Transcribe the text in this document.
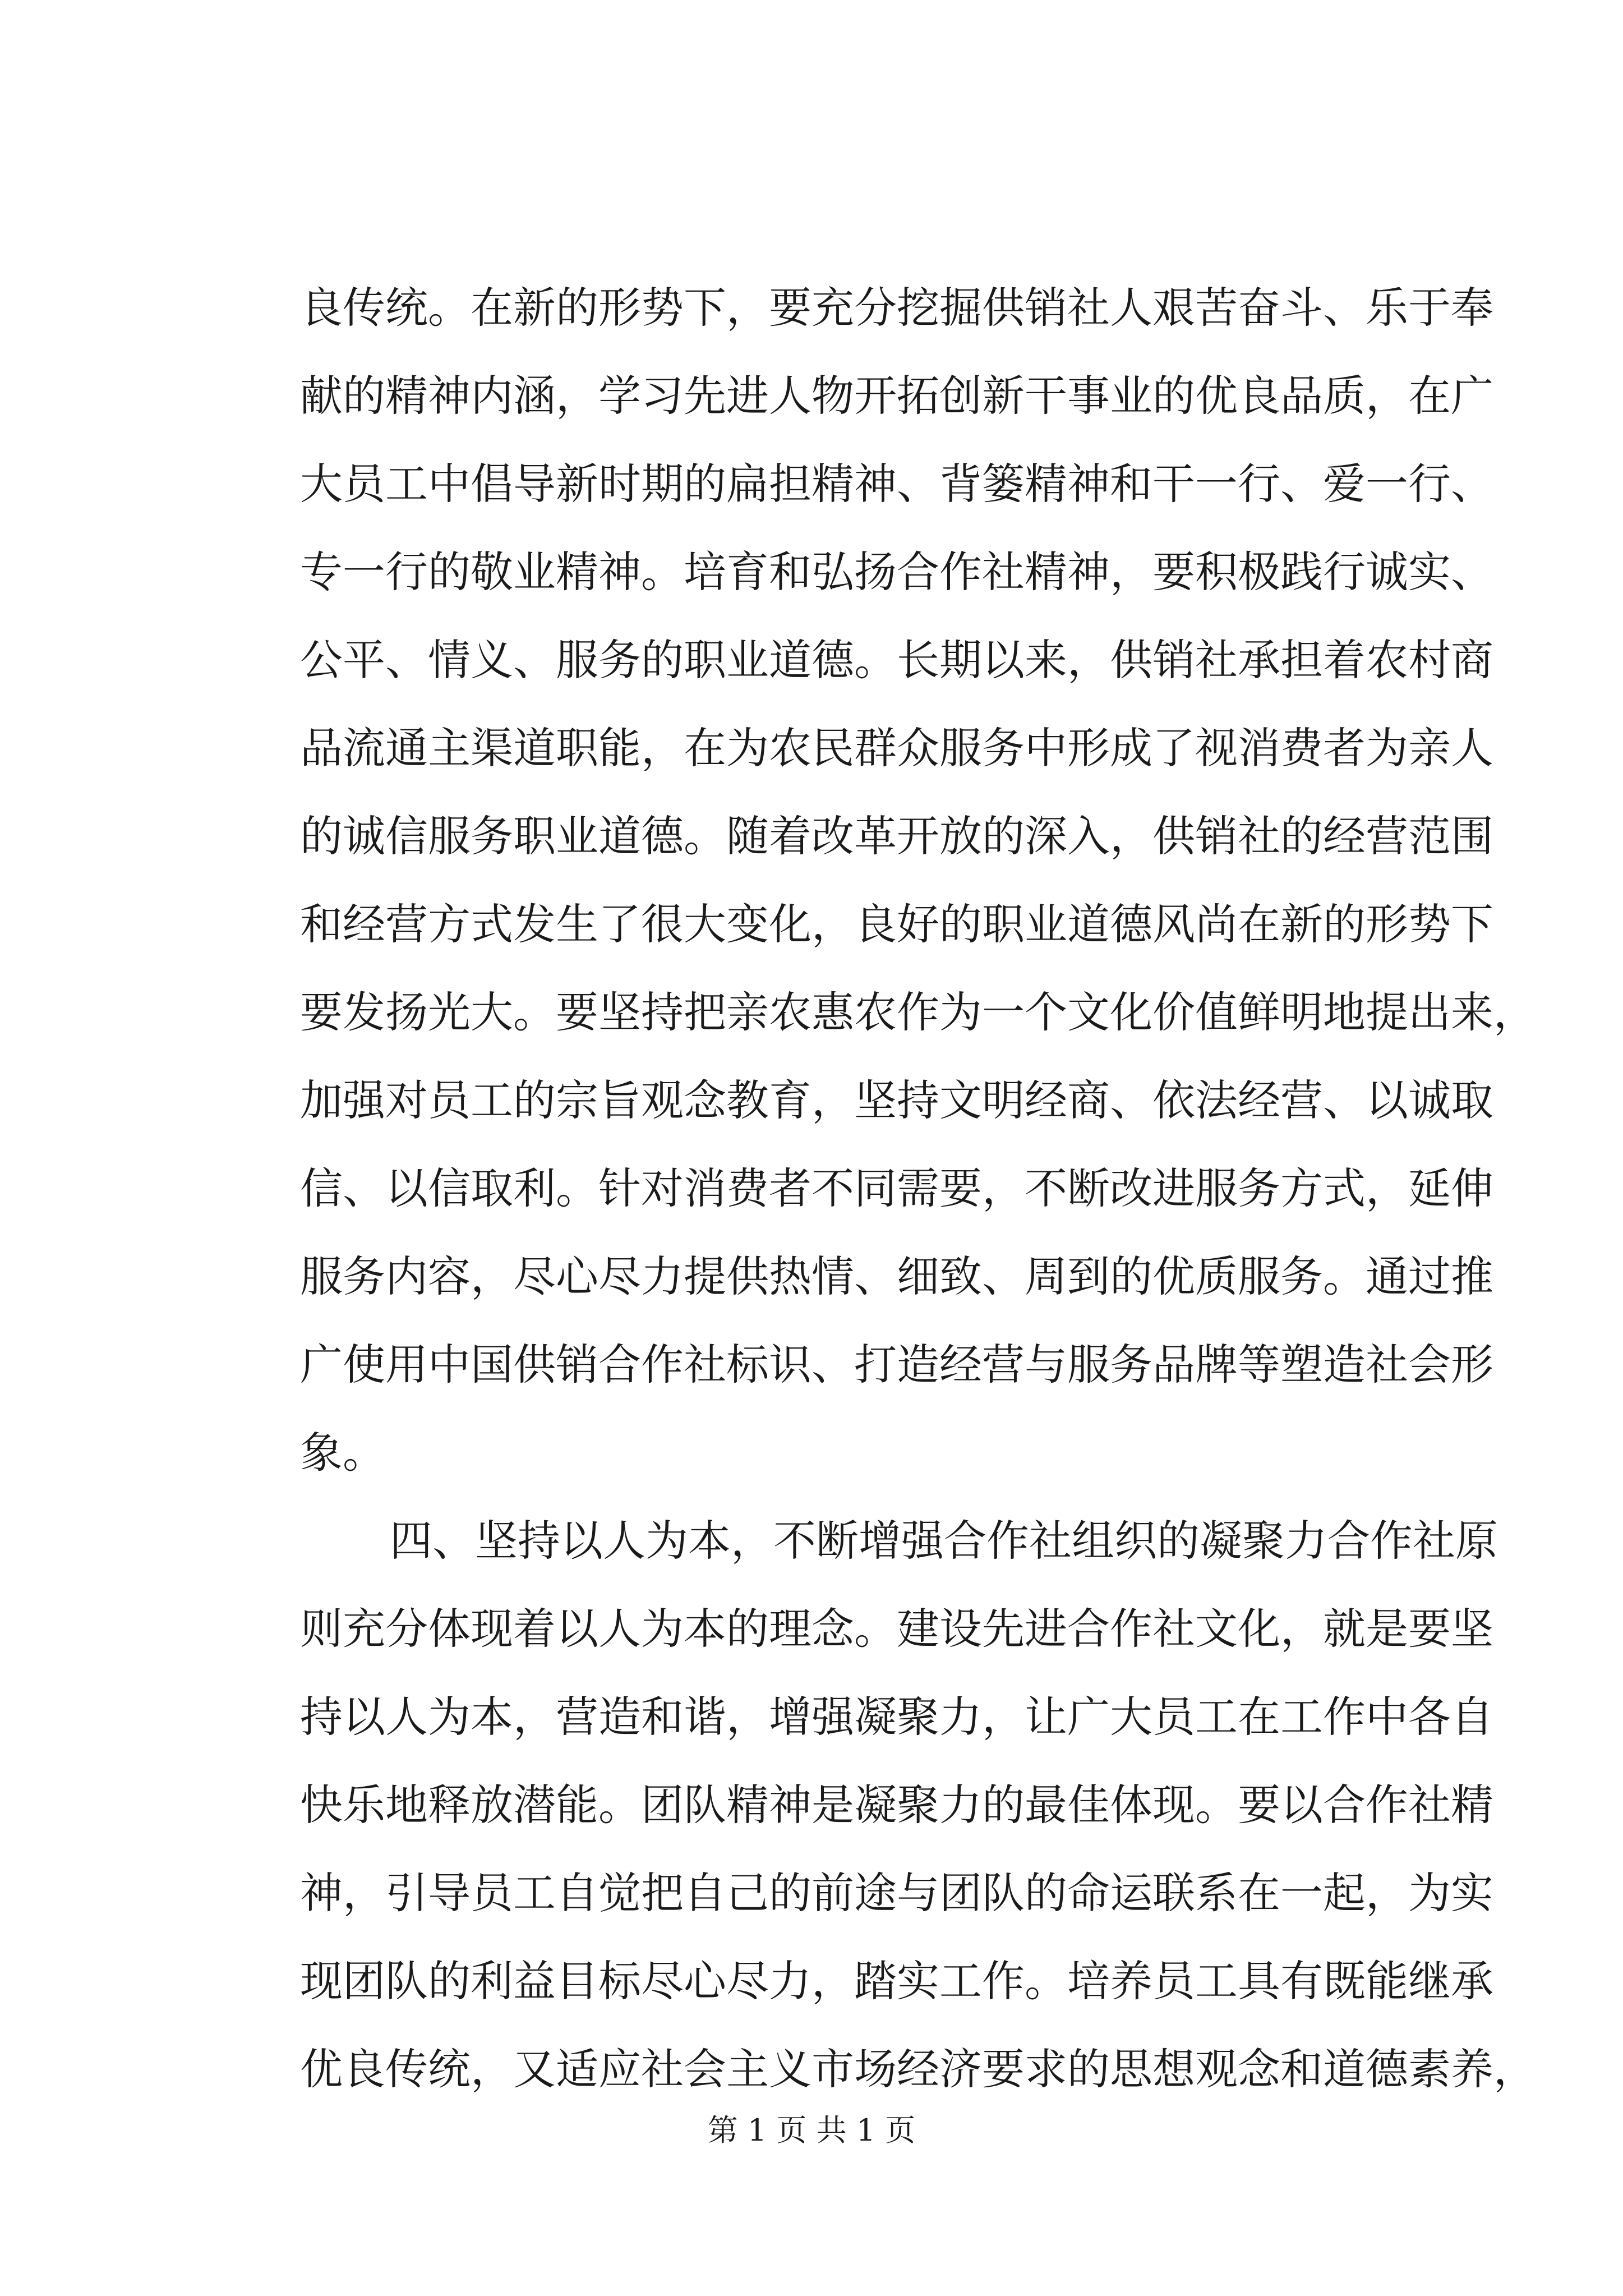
良传统。在新的形势下，要充分挖掘供销社人艰苦奋斗、乐于奉
献的精神内涵，学习先进人物开拓创新干事业的优良品质，在广
大员工中倡导新时期的扁担精神、背篓精神和干一行、爱一行、
专一行的敬业精神。培育和弘扬合作社精神，要积极践行诚实、
公平、情义、服务的职业道德。长期以来，供销社承担着农村商
品流通主渠道职能，在为农民群众服务中形成了视消费者为亲人
的诚信服务职业道德。随着改革开放的深入，供销社的经营范围
和经营方式发生了很大变化，良好的职业道德风尚在新的形势下
要发扬光大。要坚持把亲农惠农作为一个文化价值鲜明地提出来，
加强对员工的宗旨观念教育，坚持文明经商、依法经营、以诚取
信、以信取利。针对消费者不同需要，不断改进服务方式，延伸
服务内容，尽心尽力提供热情、细致、周到的优质服务。通过推
广使用中国供销合作社标识、打造经营与服务品牌等塑造社会形
象。
四、坚持以人为本，不断增强合作社组织的凝聚力合作社原
则充分体现着以人为本的理念。建设先进合作社文化，就是要坚
持以人为本，营造和谐，增强凝聚力，让广大员工在工作中各自
快乐地释放潜能。团队精神是凝聚力的最佳体现。要以合作社精
神，引导员工自觉把自己的前途与团队的命运联系在一起，为实
现团队的利益目标尽心尽力，踏实工作。培养员工具有既能继承
优良传统，又适应社会主义市场经济要求的思想观念和道德素养，
第 1 页 共 1 页
